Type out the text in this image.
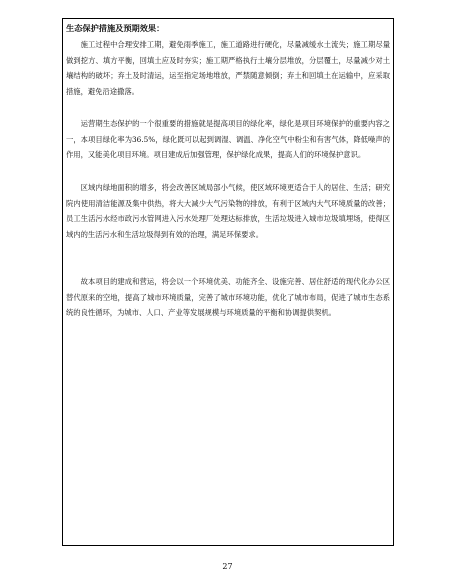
生态保护措施及预期效果：

施工过程中合理安排工期，避免雨季施工，施工道路进行硬化，尽量减缓水土流失；施工期尽量做到挖方、填方平衡，回填土应及时夯实；施工期严格执行土壤分层堆放，分层覆土，尽量减少对土壤结构的破坏；弃土及时清运，运至指定场地堆放，严禁随意倾倒；弃土和回填土在运输中，应采取措施，避免沿途撒落。

运营期生态保护的一个很重要的措施就是提高项目的绿化率，绿化是项目环境保护的重要内容之一，本项目绿化率为36.5%，绿化既可以起到调湿、调温、净化空气中粉尘和有害气体，降低噪声的作用，又能美化项目环境。项目建成后加强管理，保护绿化成果，提高人们的环境保护意识。

区域内绿地面积的增多，将会改善区域局部小气候，使区域环境更适合于人的居住、生活；研究院内使用清洁能源及集中供热，将大大减少大气污染物的排放，有利于区域内大气环境质量的改善；员工生活污水经市政污水管网进入污水处理厂处理达标排放，生活垃圾进入城市垃圾填埋场，使得区域内的生活污水和生活垃圾得到有效的治理，满足环保要求。

故本项目的建成和营运，将会以一个环境优美、功能齐全、设施完善、居住舒适的现代化办公区替代原来的空地，提高了城市环境质量，完善了城市环境功能，优化了城市布局，促进了城市生态系统的良性循环，为城市、人口、产业等发展规模与环境质量的平衡和协调提供契机。

27
